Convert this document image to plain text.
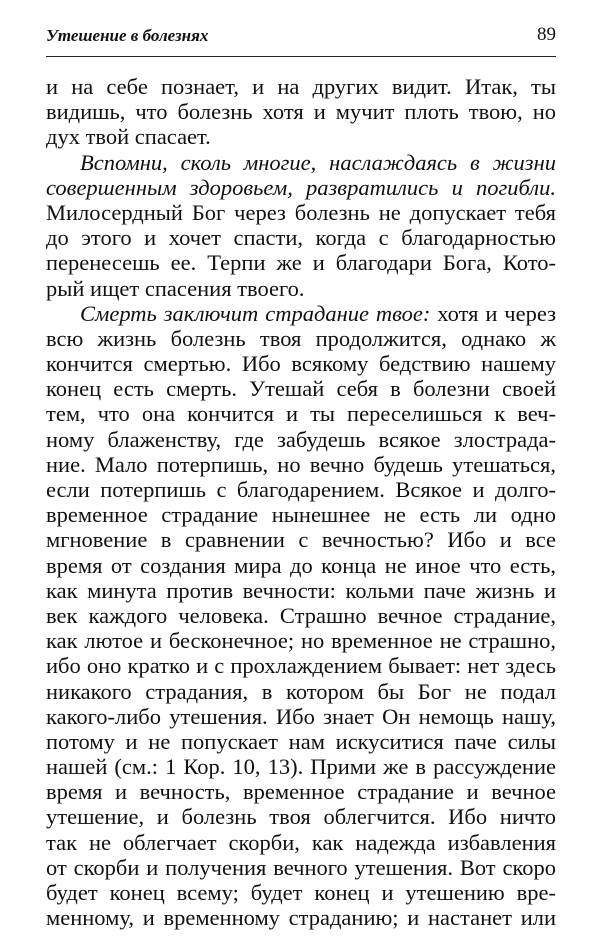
Утешение в болезнях	89
и на себе познает, и на других видит. Итак, ты
видишь, что болезнь хотя и мучит плоть твою, но
дух твой спасает.
Вспомни, сколь многие, наслаждаясь в жизни
совершенным здоровьем, развратились и погибли.
Милосердный Бог через болезнь не допускает тебя
до этого и хочет спасти, когда с благодарностью
перенесешь ее. Терпи же и благодари Бога, Кото-
рый ищет спасения твоего.
Смерть заключит страдание твое: хотя и через
всю жизнь болезнь твоя продолжится, однако ж
кончится смертью. Ибо всякому бедствию нашему
конец есть смерть. Утешай себя в болезни своей
тем, что она кончится и ты переселишься к веч-
ному блаженству, где забудешь всякое злострада-
ние. Мало потерпишь, но вечно будешь утешаться,
если потерпишь с благодарением. Всякое и долго-
временное страдание нынешнее не есть ли одно
мгновение в сравнении с вечностью? Ибо и все
время от создания мира до конца не иное что есть,
как минута против вечности: кольми паче жизнь и
век каждого человека. Страшно вечное страдание,
как лютое и бесконечное; но временное не страшно,
ибо оно кратко и с прохлаждением бывает: нет здесь
никакого страдания, в котором бы Бог не подал
какого-либо утешения. Ибо знает Он немощь нашу,
потому и не попускает нам искуситися паче силы
нашей (см.: 1 Кор. 10, 13). Прими же в рассуждение
время и вечность, временное страдание и вечное
утешение, и болезнь твоя облегчится. Ибо ничто
так не облегчает скорби, как надежда избавления
от скорби и получения вечного утешения. Вот скоро
будет конец всему; будет конец и утешению вре-
менному, и временному страданию; и настанет или
